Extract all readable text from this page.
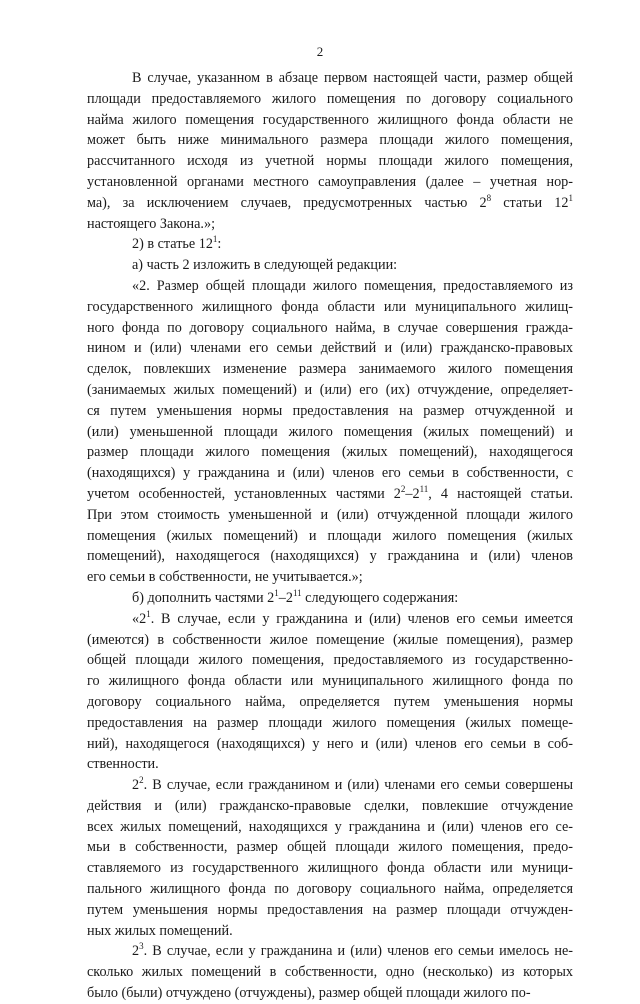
2
В случае, указанном в абзаце первом настоящей части, размер общей
площади предоставляемого жилого помещения по договору социального
найма жилого помещения государственного жилищного фонда области не
может быть ниже минимального размера площади жилого помещения,
рассчитанного исходя из учетной нормы площади жилого помещения,
установленной органами местного самоуправления (далее – учетная нор-
ма), за исключением случаев, предусмотренных частью $2^8$ статьи $12^1$
настоящего Закона.»;
2) в статье $12^1$:
а) часть 2 изложить в следующей редакции:
«2. Размер общей площади жилого помещения, предоставляемого из
государственного жилищного фонда области или муниципального жилищ-
ного фонда по договору социального найма, в случае совершения гражда-
нином и (или) членами его семьи действий и (или) гражданско-правовых
сделок, повлекших изменение размера занимаемого жилого помещения
(занимаемых жилых помещений) и (или) его (их) отчуждение, определяет-
ся путем уменьшения нормы предоставления на размер отчужденной и
(или) уменьшенной площади жилого помещения (жилых помещений) и
размер площади жилого помещения (жилых помещений), находящегося
(находящихся) у гражданина и (или) членов его семьи в собственности, с
учетом особенностей, установленных частями $2^2-2^{11}$, 4 настоящей статьи.
При этом стоимость уменьшенной и (или) отчужденной площади жилого
помещения (жилых помещений) и площади жилого помещения (жилых
помещений), находящегося (находящихся) у гражданина и (или) членов
его семьи в собственности, не учитывается.»;
б) дополнить частями $2^1-2^{11}$ следующего содержания:
«$2^1$. В случае, если у гражданина и (или) членов его семьи имеется
(имеются) в собственности жилое помещение (жилые помещения), размер
общей площади жилого помещения, предоставляемого из государственно-
го жилищного фонда области или муниципального жилищного фонда по
договору социального найма, определяется путем уменьшения нормы
предоставления на размер площади жилого помещения (жилых помеще-
ний), находящегося (находящихся) у него и (или) членов его семьи в соб-
ственности.
$2^2$. В случае, если гражданином и (или) членами его семьи совершены
действия и (или) гражданско-правовые сделки, повлекшие отчуждение
всех жилых помещений, находящихся у гражданина и (или) членов его се-
мьи в собственности, размер общей площади жилого помещения, предо-
ставляемого из государственного жилищного фонда области или муници-
пального жилищного фонда по договору социального найма, определяется
путем уменьшения нормы предоставления на размер площади отчужден-
ных жилых помещений.
$2^3$. В случае, если у гражданина и (или) членов его семьи имелось не-
сколько жилых помещений в собственности, одно (несколько) из которых
было (были) отчуждено (отчуждены), размер общей площади жилого по-
